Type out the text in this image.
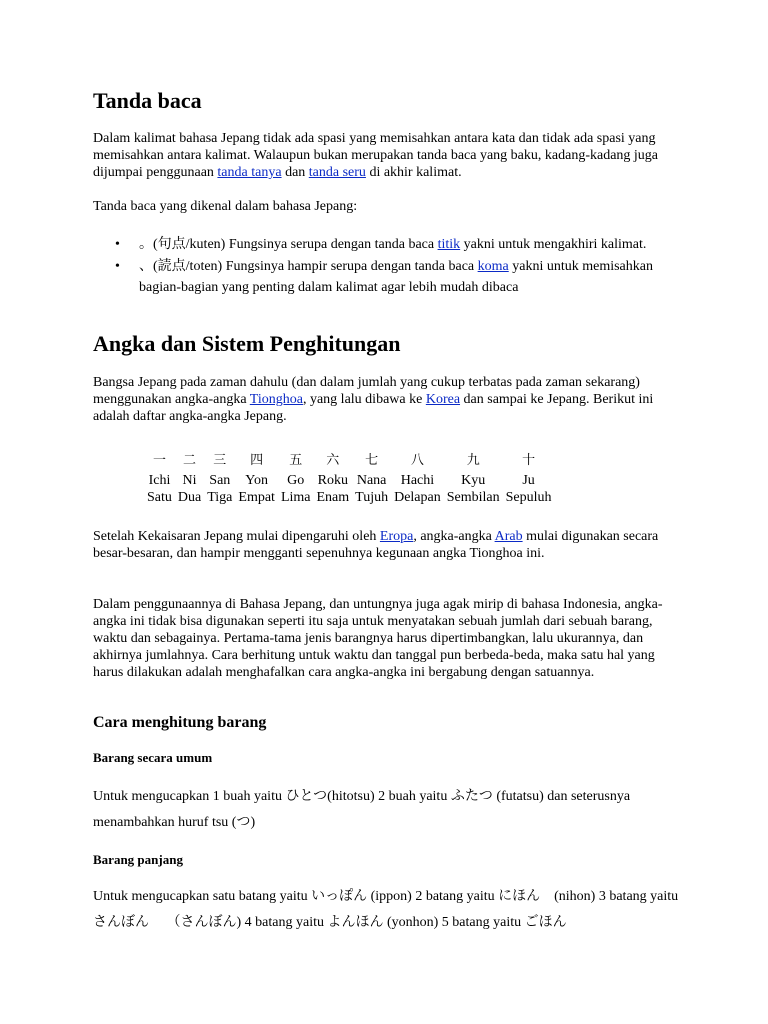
Tanda baca

Dalam kalimat bahasa Jepang tidak ada spasi yang memisahkan antara kata dan tidak ada spasi yang memisahkan antara kalimat. Walaupun bukan merupakan tanda baca yang baku, kadang-kadang juga dijumpai penggunaan tanda tanya dan tanda seru di akhir kalimat.

Tanda baca yang dikenal dalam bahasa Jepang:

• 。(句点/kuten) Fungsinya serupa dengan tanda baca titik yakni untuk mengakhiri kalimat.
• 、(読点/toten) Fungsinya hampir serupa dengan tanda baca koma yakni untuk memisahkan bagian-bagian yang penting dalam kalimat agar lebih mudah dibaca
Angka dan Sistem Penghitungan

Bangsa Jepang pada zaman dahulu (dan dalam jumlah yang cukup terbatas pada zaman sekarang) menggunakan angka-angka Tionghoa, yang lalu dibawa ke Korea dan sampai ke Jepang. Berikut ini adalah daftar angka-angka Jepang.

一	二	三	四	五	六	七	八	九	十
Ichi	Ni	San	Yon	Go	Roku	Nana	Hachi	Kyu	Ju
Satu	Dua	Tiga	Empat	Lima	Enam	Tujuh	Delapan	Sembilan	Sepuluh

Setelah Kekaisaran Jepang mulai dipengaruhi oleh Eropa, angka-angka Arab mulai digunakan secara besar-besaran, dan hampir mengganti sepenuhnya kegunaan angka Tionghoa ini.

Dalam penggunaannya di Bahasa Jepang, dan untungnya juga agak mirip di bahasa Indonesia, angka-angka ini tidak bisa digunakan seperti itu saja untuk menyatakan sebuah jumlah dari sebuah barang, waktu dan sebagainya. Pertama-tama jenis barangnya harus dipertimbangkan, lalu ukurannya, dan akhirnya jumlahnya. Cara berhitung untuk waktu dan tanggal pun berbeda-beda, maka satu hal yang harus dilakukan adalah menghafalkan cara angka-angka ini bergabung dengan satuannya.

Cara menghitung barang
Barang secara umum

Untuk mengucapkan 1 buah yaitu ひとつ(hitotsu) 2 buah yaitu ふたつ (futatsu) dan seterusnya menambahkan huruf tsu (つ)

Barang panjang

Untuk mengucapkan satu batang yaitu いっぽん (ippon) 2 batang yaitu にほん　(nihon) 3 batang yaitu さんぼん　 （さんぼん) 4 batang yaitu よんほん (yonhon) 5 batang yaitu ごほん
